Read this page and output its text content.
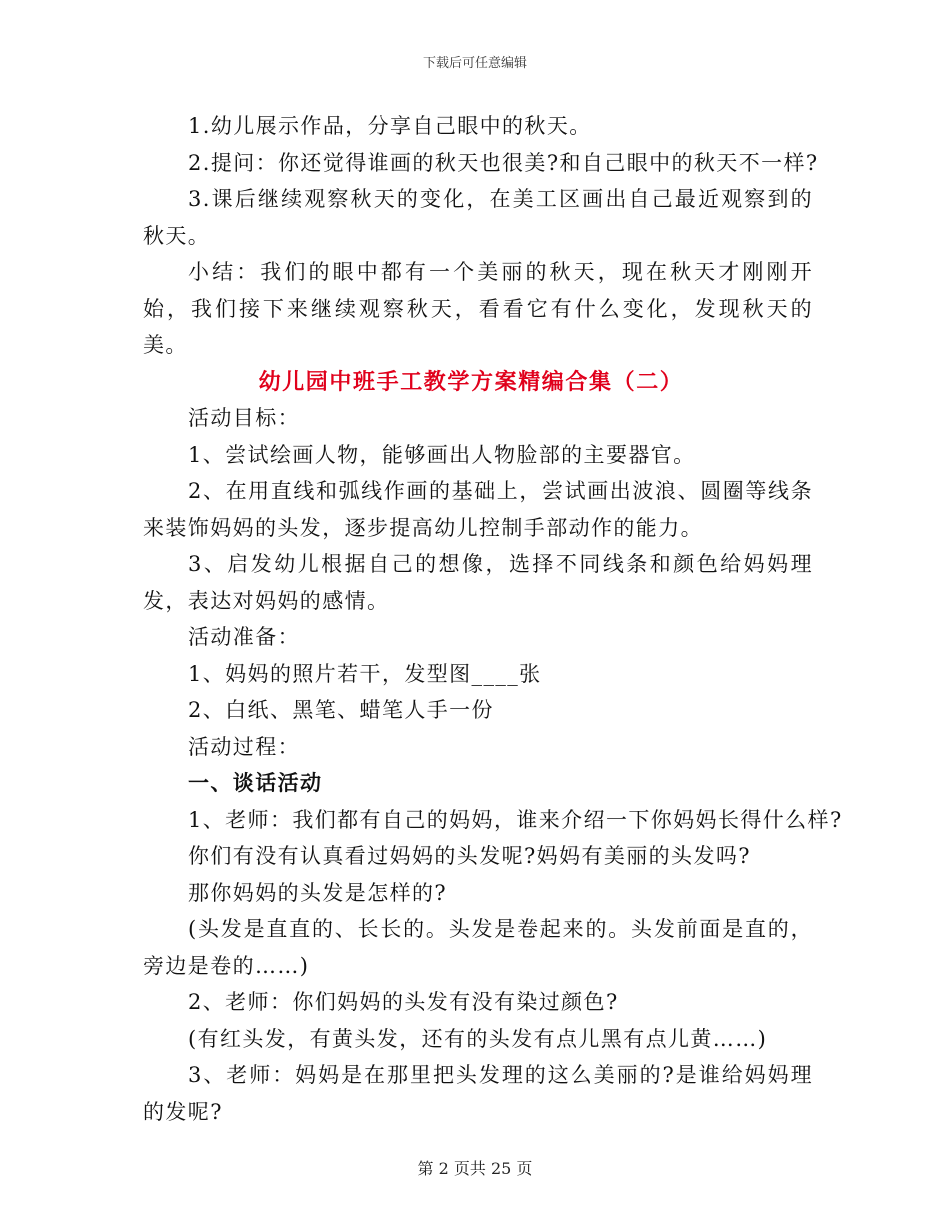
下载后可任意编辑

1.幼儿展示作品，分享自己眼中的秋天。

2.提问：你还觉得谁画的秋天也很美?和自己眼中的秋天不一样?

3.课后继续观察秋天的变化，在美工区画出自己最近观察到的秋天。

小结：我们的眼中都有一个美丽的秋天，现在秋天才刚刚开始，我们接下来继续观察秋天，看看它有什么变化，发现秋天的美。

幼儿园中班手工教学方案精编合集（二）

活动目标：

1、尝试绘画人物，能够画出人物脸部的主要器官。

2、在用直线和弧线作画的基础上，尝试画出波浪、圆圈等线条来装饰妈妈的头发，逐步提高幼儿控制手部动作的能力。

3、启发幼儿根据自己的想像，选择不同线条和颜色给妈妈理发，表达对妈妈的感情。

活动准备：

1、妈妈的照片若干，发型图____张

2、白纸、黑笔、蜡笔人手一份

活动过程：

一、谈话活动

1、老师：我们都有自己的妈妈，谁来介绍一下你妈妈长得什么样?

你们有没有认真看过妈妈的头发呢?妈妈有美丽的头发吗?

那你妈妈的头发是怎样的?

(头发是直直的、长长的。头发是卷起来的。头发前面是直的，旁边是卷的……)

2、老师：你们妈妈的头发有没有染过颜色?

(有红头发，有黄头发，还有的头发有点儿黑有点儿黄……)

3、老师：妈妈是在那里把头发理的这么美丽的?是谁给妈妈理的发呢?

第 2 页共 25 页
